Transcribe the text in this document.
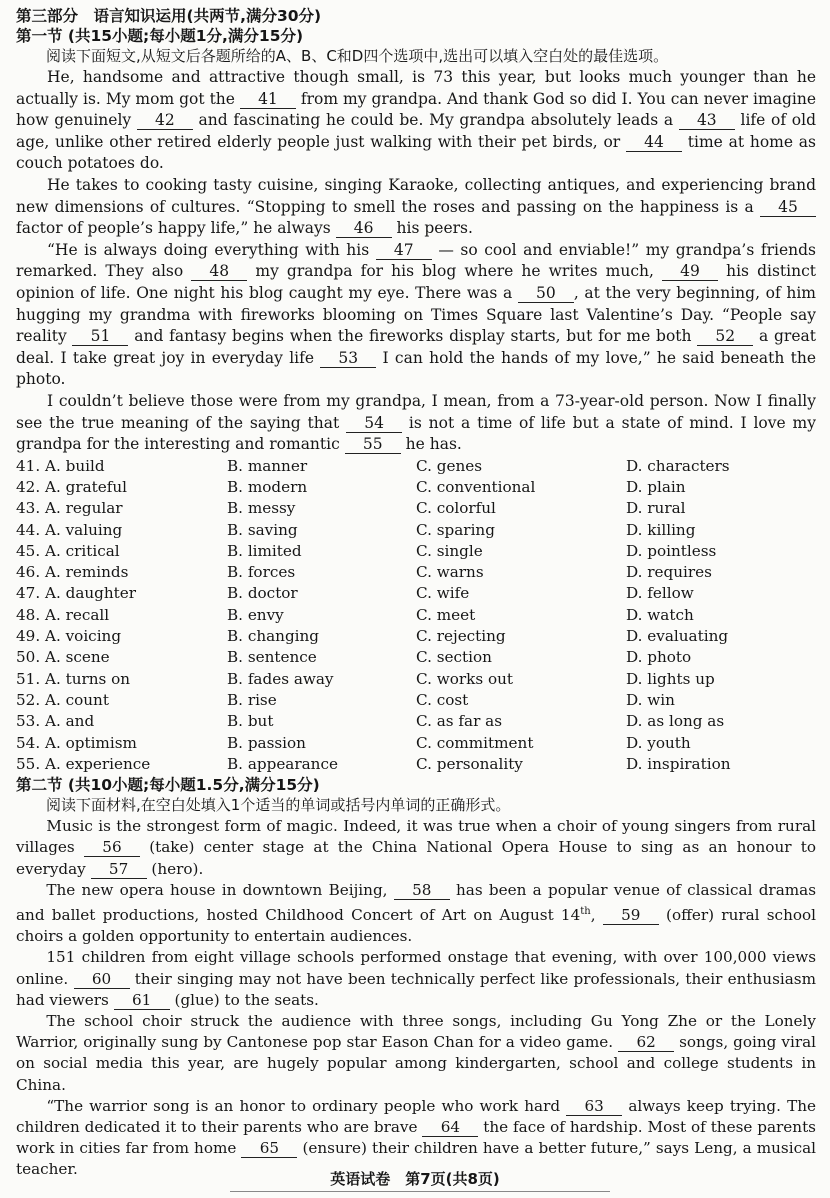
第三部分　语言知识运用(共两节,满分30分)
第一节 (共15小题;每小题1分,满分15分)
阅读下面短文,从短文后各题所给的A、B、C和D四个选项中,选出可以填入空白处的最佳选项。

He, handsome and attractive though small, is 73 this year, but looks much younger than he actually is. My mom got the 41 from my grandpa. And thank God so did I. You can never imagine how genuinely 42 and fascinating he could be. My grandpa absolutely leads a 43 life of old age, unlike other retired elderly people just walking with their pet birds, or 44 time at home as couch potatoes do.

He takes to cooking tasty cuisine, singing Karaoke, collecting antiques, and experiencing brand new dimensions of cultures. “Stopping to smell the roses and passing on the happiness is a 45 factor of people’s happy life,” he always 46 his peers.

“He is always doing everything with his 47 — so cool and enviable!” my grandpa’s friends remarked. They also 48 my grandpa for his blog where he writes much, 49 his distinct opinion of life. One night his blog caught my eye. There was a 50 , at the very beginning, of him hugging my grandma with fireworks blooming on Times Square last Valentine’s Day. “People say reality 51 and fantasy begins when the fireworks display starts, but for me both 52 a great deal. I take great joy in everyday life 53 I can hold the hands of my love,” he said beneath the photo.

I couldn’t believe those were from my grandpa, I mean, from a 73-year-old person. Now I finally see the true meaning of the saying that 54 is not a time of life but a state of mind. I love my grandpa for the interesting and romantic 55 he has.

41. A. build	B. manner	C. genes	D. characters
42. A. grateful	B. modern	C. conventional	D. plain
43. A. regular	B. messy	C. colorful	D. rural
44. A. valuing	B. saving	C. sparing	D. killing
45. A. critical	B. limited	C. single	D. pointless
46. A. reminds	B. forces	C. warns	D. requires
47. A. daughter	B. doctor	C. wife	D. fellow
48. A. recall	B. envy	C. meet	D. watch
49. A. voicing	B. changing	C. rejecting	D. evaluating
50. A. scene	B. sentence	C. section	D. photo
51. A. turns on	B. fades away	C. works out	D. lights up
52. A. count	B. rise	C. cost	D. win
53. A. and	B. but	C. as far as	D. as long as
54. A. optimism	B. passion	C. commitment	D. youth
55. A. experience	B. appearance	C. personality	D. inspiration
第二节 (共10小题;每小题1.5分,满分15分)
阅读下面材料,在空白处填入1个适当的单词或括号内单词的正确形式。

Music is the strongest form of magic. Indeed, it was true when a choir of young singers from rural villages 56 (take) center stage at the China National Opera House to sing as an honour to everyday 57 (hero).

The new opera house in downtown Beijing, 58 has been a popular venue of classical dramas and ballet productions, hosted Childhood Concert of Art on August 14th, 59 (offer) rural school choirs a golden opportunity to entertain audiences.

151 children from eight village schools performed onstage that evening, with over 100,000 views online. 60 their singing may not have been technically perfect like professionals, their enthusiasm had viewers 61 (glue) to the seats.

The school choir struck the audience with three songs, including Gu Yong Zhe or the Lonely Warrior, originally sung by Cantonese pop star Eason Chan for a video game. 62 songs, going viral on social media this year, are hugely popular among kindergarten, school and college students in China.

“The warrior song is an honor to ordinary people who work hard 63 always keep trying. The children dedicated it to their parents who are brave 64 the face of hardship. Most of these parents work in cities far from home 65 (ensure) their children have a better future,” says Leng, a musical teacher.

英语试卷　第7页(共8页)
